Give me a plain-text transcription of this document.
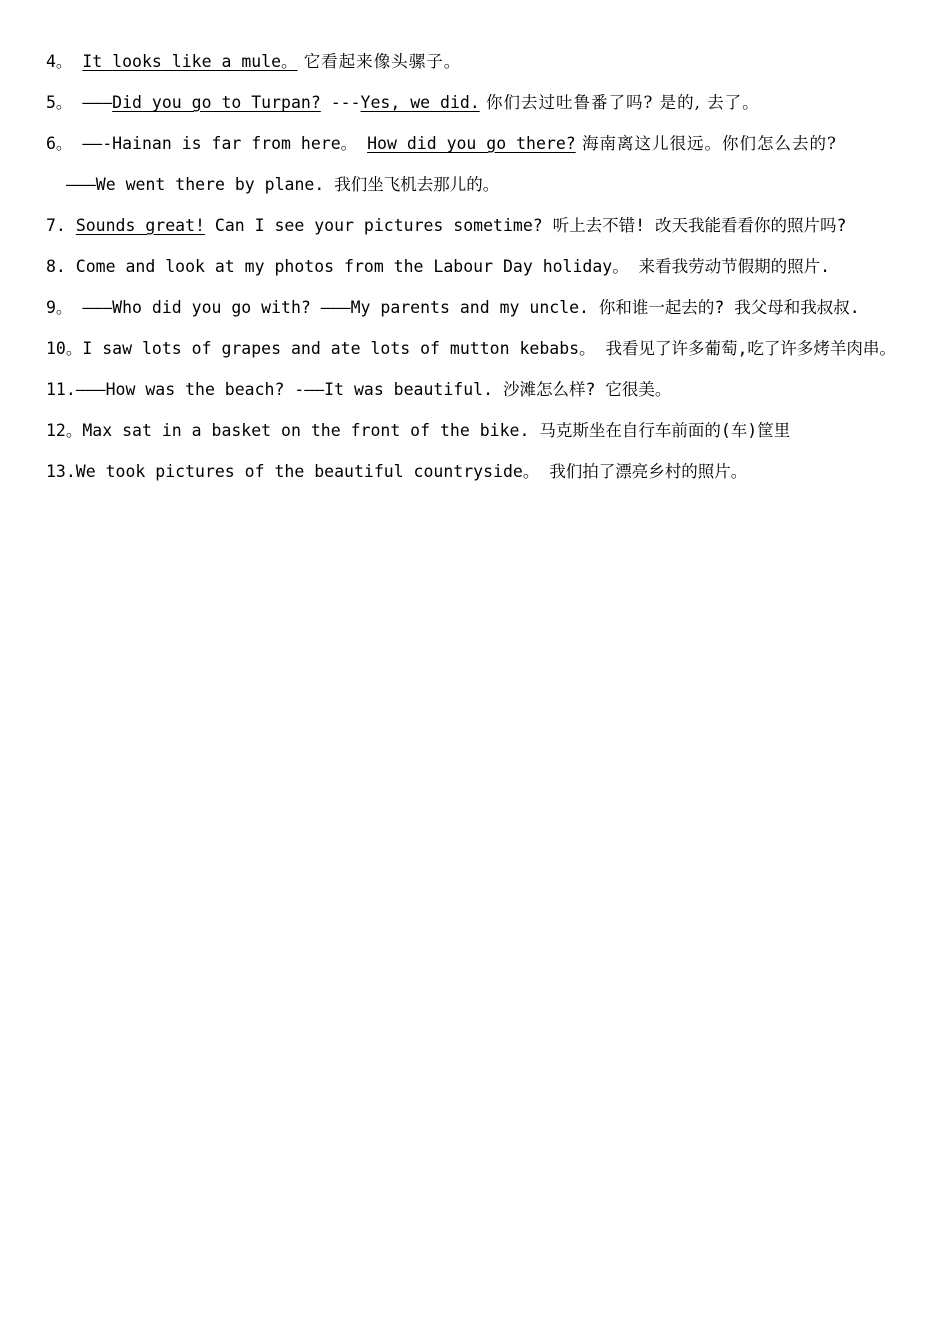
4。 It looks like a mule。 它看起来像头骡子。
5。 ———Did you go to Turpan? ---Yes, we did. 你们去过吐鲁番了吗? 是的, 去了。
6。 ——-Hainan is far from here。 How did you go there? 海南离这儿很远。你们怎么去的?
———We went there by plane. 我们坐飞机去那儿的。
7. Sounds great! Can I see your pictures sometime? 听上去不错! 改天我能看看你的照片吗?
8. Come and look at my photos from the Labour Day holiday。 来看我劳动节假期的照片.
9。 ———Who did you go with? ———My parents and my uncle. 你和谁一起去的? 我父母和我叔叔.
10。I saw lots of grapes and ate lots of mutton kebabs。 我看见了许多葡萄,吃了许多烤羊肉串。
11.———How was the beach? -——It was beautiful. 沙滩怎么样? 它很美。
12。Max sat in a basket on the front of the bike. 马克斯坐在自行车前面的(车)筐里
13.We took pictures of the beautiful countryside。 我们拍了漂亮乡村的照片。
